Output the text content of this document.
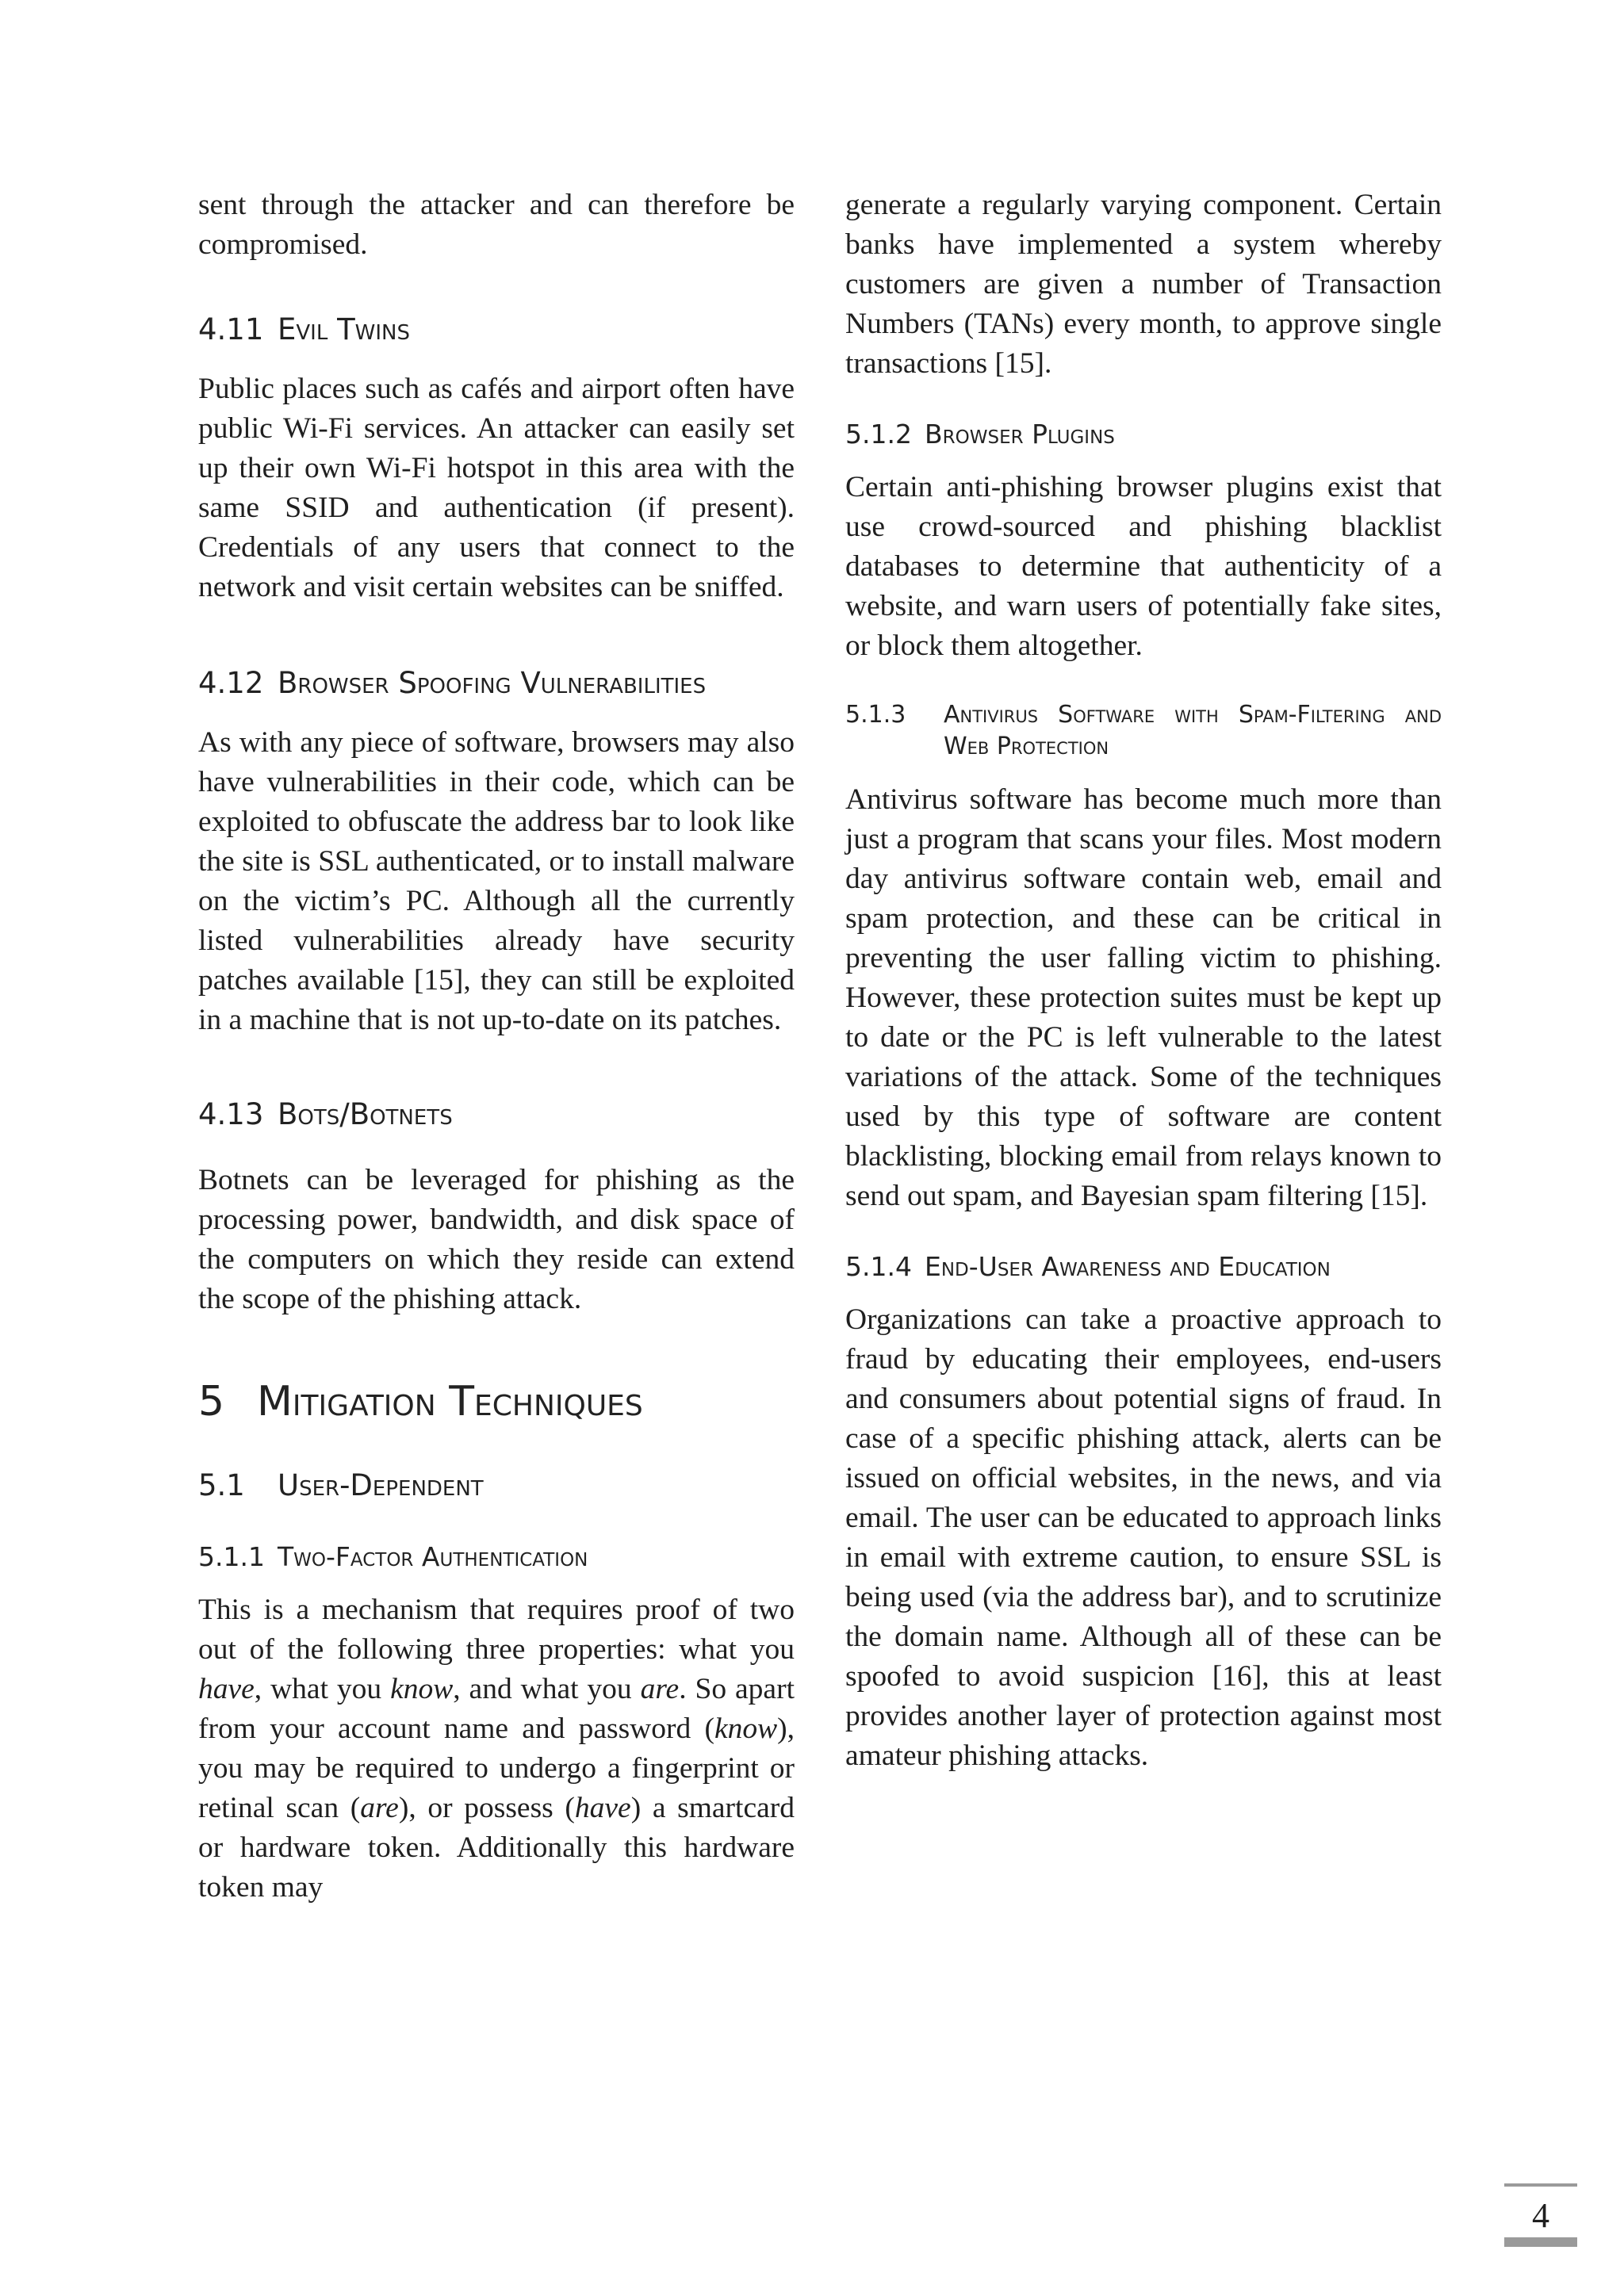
sent through the attacker and can therefore be compromised.

4.11 Evil Twins

Public places such as cafés and airport often have public Wi-Fi services. An attacker can easily set up their own Wi-Fi hotspot in this area with the same SSID and authentication (if present). Credentials of any users that connect to the network and visit certain websites can be sniffed.

4.12 Browser Spoofing Vulnerabilities

As with any piece of software, browsers may also have vulnerabilities in their code, which can be exploited to obfuscate the address bar to look like the site is SSL authenticated, or to install malware on the victim’s PC. Although all the currently listed vulnerabilities already have security patches available [15], they can still be exploited in a machine that is not up-to-date on its patches.

4.13 Bots/Botnets

Botnets can be leveraged for phishing as the processing power, bandwidth, and disk space of the computers on which they reside can extend the scope of the phishing attack.

5 Mitigation Techniques
5.1 User-Dependent
5.1.1 Two-Factor Authentication

This is a mechanism that requires proof of two out of the following three properties: what you have, what you know, and what you are. So apart from your account name and password (know), you may be required to undergo a fingerprint or retinal scan (are), or possess (have) a smartcard or hardware token. Additionally this hardware token may

generate a regularly varying component. Certain banks have implemented a system whereby customers are given a number of Transaction Numbers (TANs) every month, to approve single transactions [15].

5.1.2 Browser Plugins

Certain anti-phishing browser plugins exist that use crowd-sourced and phishing blacklist databases to determine that authenticity of a website, and warn users of potentially fake sites, or block them altogether.

5.1.3	Antivirus Software with Spam-Filtering and Web Protection

Antivirus software has become much more than just a program that scans your files. Most modern day antivirus software contain web, email and spam protection, and these can be critical in preventing the user falling victim to phishing. However, these protection suites must be kept up to date or the PC is left vulnerable to the latest variations of the attack. Some of the techniques used by this type of software are content blacklisting, blocking email from relays known to send out spam, and Bayesian spam filtering [15].

5.1.4 End-User Awareness and Education

Organizations can take a proactive approach to fraud by educating their employees, end-users and consumers about potential signs of fraud. In case of a specific phishing attack, alerts can be issued on official websites, in the news, and via email. The user can be educated to approach links in email with extreme caution, to ensure SSL is being used (via the address bar), and to scrutinize the domain name. Although all of these can be spoofed to avoid suspicion [16], this at least provides another layer of protection against most amateur phishing attacks.

4
